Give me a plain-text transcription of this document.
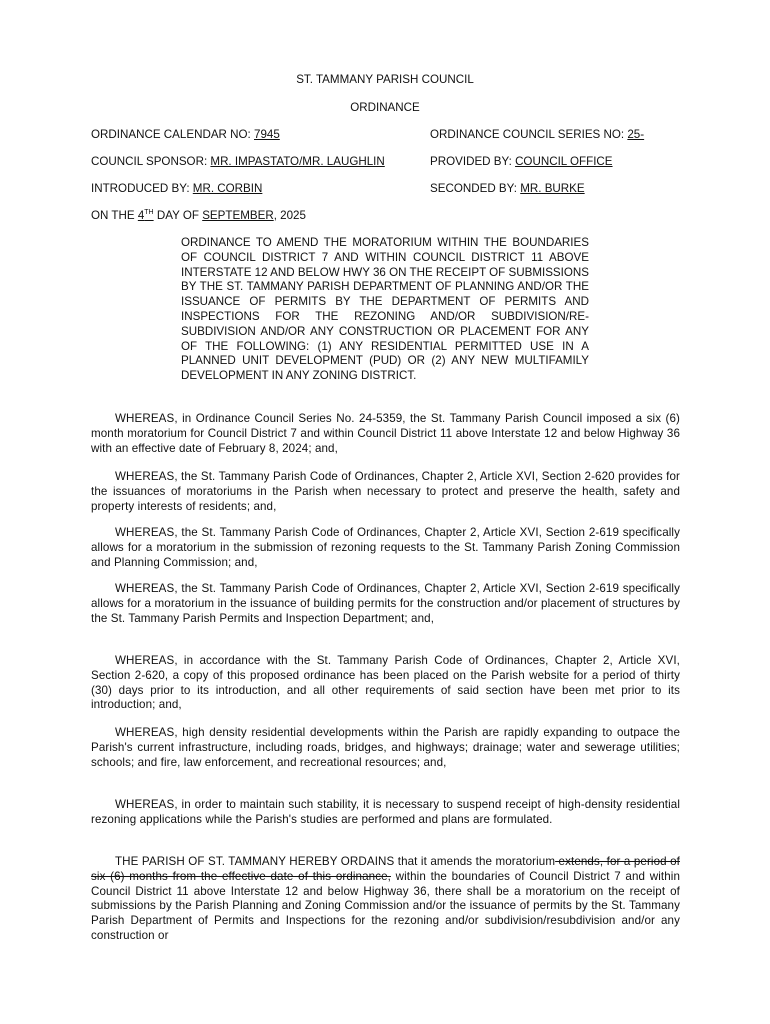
ST. TAMMANY PARISH COUNCIL
ORDINANCE
ORDINANCE CALENDAR NO: 7945	ORDINANCE COUNCIL SERIES NO: 25-
COUNCIL SPONSOR: MR. IMPASTATO/MR. LAUGHLIN	PROVIDED BY: COUNCIL OFFICE
INTRODUCED BY: MR. CORBIN	SECONDED BY: MR. BURKE
ON THE 4TH DAY OF SEPTEMBER, 2025
ORDINANCE TO AMEND THE MORATORIUM WITHIN THE BOUNDARIES OF COUNCIL DISTRICT 7 AND WITHIN COUNCIL DISTRICT 11 ABOVE INTERSTATE 12 AND BELOW HWY 36 ON THE RECEIPT OF SUBMISSIONS BY THE ST. TAMMANY PARISH DEPARTMENT OF PLANNING AND/OR THE ISSUANCE OF PERMITS BY THE DEPARTMENT OF PERMITS AND INSPECTIONS FOR THE REZONING AND/OR SUBDIVISION/RE-SUBDIVISION AND/OR ANY CONSTRUCTION OR PLACEMENT FOR ANY OF THE FOLLOWING: (1) ANY RESIDENTIAL PERMITTED USE IN A PLANNED UNIT DEVELOPMENT (PUD) OR (2) ANY NEW MULTIFAMILY DEVELOPMENT IN ANY ZONING DISTRICT.
WHEREAS, in Ordinance Council Series No. 24-5359, the St. Tammany Parish Council imposed a six (6) month moratorium for Council District 7 and within Council District 11 above Interstate 12 and below Highway 36 with an effective date of February 8, 2024; and,
WHEREAS, the St. Tammany Parish Code of Ordinances, Chapter 2, Article XVI, Section 2-620 provides for the issuances of moratoriums in the Parish when necessary to protect and preserve the health, safety and property interests of residents; and,
WHEREAS, the St. Tammany Parish Code of Ordinances, Chapter 2, Article XVI, Section 2-619 specifically allows for a moratorium in the submission of rezoning requests to the St. Tammany Parish Zoning Commission and Planning Commission; and,
WHEREAS, the St. Tammany Parish Code of Ordinances, Chapter 2, Article XVI, Section 2-619 specifically allows for a moratorium in the issuance of building permits for the construction and/or placement of structures by the St. Tammany Parish Permits and Inspection Department; and,
WHEREAS, in accordance with the St. Tammany Parish Code of Ordinances, Chapter 2, Article XVI, Section 2-620, a copy of this proposed ordinance has been placed on the Parish website for a period of thirty (30) days prior to its introduction, and all other requirements of said section have been met prior to its introduction; and,
WHEREAS, high density residential developments within the Parish are rapidly expanding to outpace the Parish's current infrastructure, including roads, bridges, and highways; drainage; water and sewerage utilities; schools; and fire, law enforcement, and recreational resources; and,
WHEREAS, in order to maintain such stability, it is necessary to suspend receipt of high-density residential rezoning applications while the Parish's studies are performed and plans are formulated.
THE PARISH OF ST. TAMMANY HEREBY ORDAINS that it amends the moratorium extends, for a period of six (6) months from the effective date of this ordinance, within the boundaries of Council District 7 and within Council District 11 above Interstate 12 and below Highway 36, there shall be a moratorium on the receipt of submissions by the Parish Planning and Zoning Commission and/or the issuance of permits by the St. Tammany Parish Department of Permits and Inspections for the rezoning and/or subdivision/resubdivision and/or any construction or
